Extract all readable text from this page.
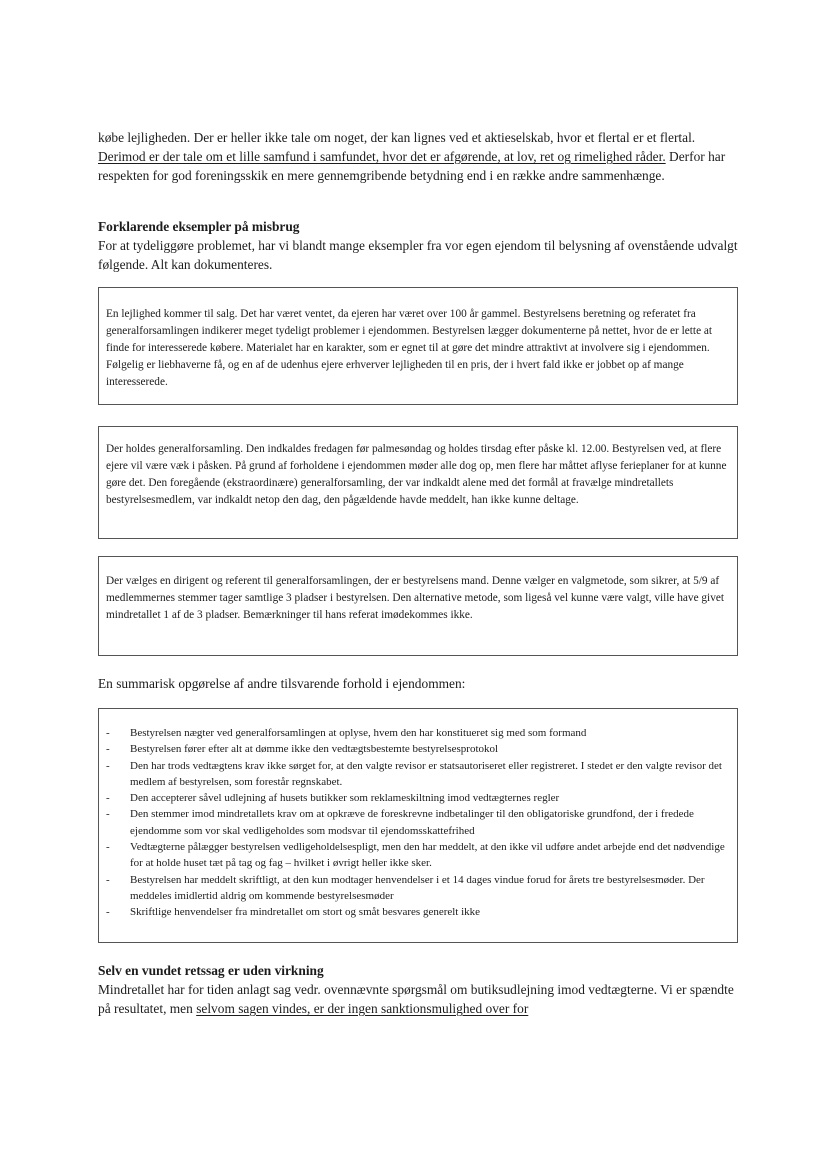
købe lejligheden. Der er heller ikke tale om noget, der kan lignes ved et aktieselskab, hvor et flertal er et flertal. Derimod er der tale om et lille samfund i samfundet, hvor det er afgørende, at lov, ret og rimelighed råder. Derfor har respekten for god foreningsskik en mere gennemgribende betydning end i en række andre sammenhænge.

Forklarende eksempler på misbrug
For at tydeliggøre problemet, har vi blandt mange eksempler fra vor egen ejendom til belysning af ovenstående udvalgt følgende. Alt kan dokumenteres.

En lejlighed kommer til salg. Det har været ventet, da ejeren har været over 100 år gammel. Bestyrelsens beretning og referatet fra generalforsamlingen indikerer meget tydeligt problemer i ejendommen. Bestyrelsen lægger dokumenterne på nettet, hvor de er lette at finde for interesserede købere. Materialet har en karakter, som er egnet til at gøre det mindre attraktivt at involvere sig i ejendommen. Følgelig er liebhaverne få, og en af de udenhus ejere erhverver lejligheden til en pris, der i hvert fald ikke er jobbet op af mange interesserede.

Der holdes generalforsamling. Den indkaldes fredagen før palmesøndag og holdes tirsdag efter påske kl. 12.00. Bestyrelsen ved, at flere ejere vil være væk i påsken. På grund af forholdene i ejendommen møder alle dog op, men flere har måttet aflyse ferieplaner for at kunne gøre det. Den foregående (ekstraordinære) generalforsamling, der var indkaldt alene med det formål at fravælge mindretallets bestyrelsesmedlem, var indkaldt netop den dag, den pågældende havde meddelt, han ikke kunne deltage.

Der vælges en dirigent og referent til generalforsamlingen, der er bestyrelsens mand. Denne vælger en valgmetode, som sikrer, at 5/9 af medlemmernes stemmer tager samtlige 3 pladser i bestyrelsen. Den alternative metode, som ligeså vel kunne være valgt, ville have givet mindretallet 1 af de 3 pladser. Bemærkninger til hans referat imødekommes ikke.

En summarisk opgørelse af andre tilsvarende forhold i ejendommen:

- Bestyrelsen nægter ved generalforsamlingen at oplyse, hvem den har konstitueret sig med som formand
- Bestyrelsen fører efter alt at dømme ikke den vedtægtsbestemte bestyrelsesprotokol
- Den har trods vedtægtens krav ikke sørget for, at den valgte revisor er statsautoriseret eller registreret. I stedet er den valgte revisor det medlem af bestyrelsen, som forestår regnskabet.
- Den accepterer såvel udlejning af husets butikker som reklameskiltning imod vedtægternes regler
- Den stemmer imod mindretallets krav om at opkræve de foreskrevne indbetalinger til den obligatoriske grundfond, der i fredede ejendomme som vor skal vedligeholdes som modsvar til ejendomsskattefrihed
- Vedtægterne pålægger bestyrelsen vedligeholdelsespligt, men den har meddelt, at den ikke vil udføre andet arbejde end det nødvendige for at holde huset tæt på tag og fag – hvilket i øvrigt heller ikke sker.
- Bestyrelsen har meddelt skriftligt, at den kun modtager henvendelser i et 14 dages vindue forud for årets tre bestyrelsesmøder. Der meddeles imidlertid aldrig om kommende bestyrelsesmøder
- Skriftlige henvendelser fra mindretallet om stort og småt besvares generelt ikke
Selv en vundet retssag er uden virkning
Mindretallet har for tiden anlagt sag vedr. ovennævnte spørgsmål om butiksudlejning imod vedtægterne. Vi er spændte på resultatet, men selvom sagen vindes, er der ingen sanktionsmulighed over for
